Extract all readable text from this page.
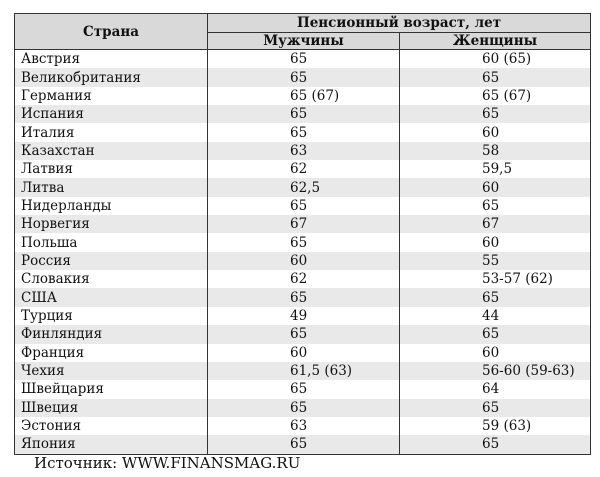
Страна	Пенсионный возраст, лет	
	Мужчины	Женщины
Австрия	65	60 (65)
Великобритания	65	65
Германия	65 (67)	65 (67)
Испания	65	65
Италия	65	60
Казахстан	63	58
Латвия	62	59,5
Литва	62,5	60
Нидерланды	65	65
Норвегия	67	67
Польша	65	60
Россия	60	55
Словакия	62	53-57 (62)
США	65	65
Турция	49	44
Финляндия	65	65
Франция	60	60
Чехия	61,5 (63)	56-60 (59-63)
Швейцария	65	64
Швеция	65	65
Эстония	63	59 (63)
Япония	65	65
Источник: WWW.FINANSMAG.RU
